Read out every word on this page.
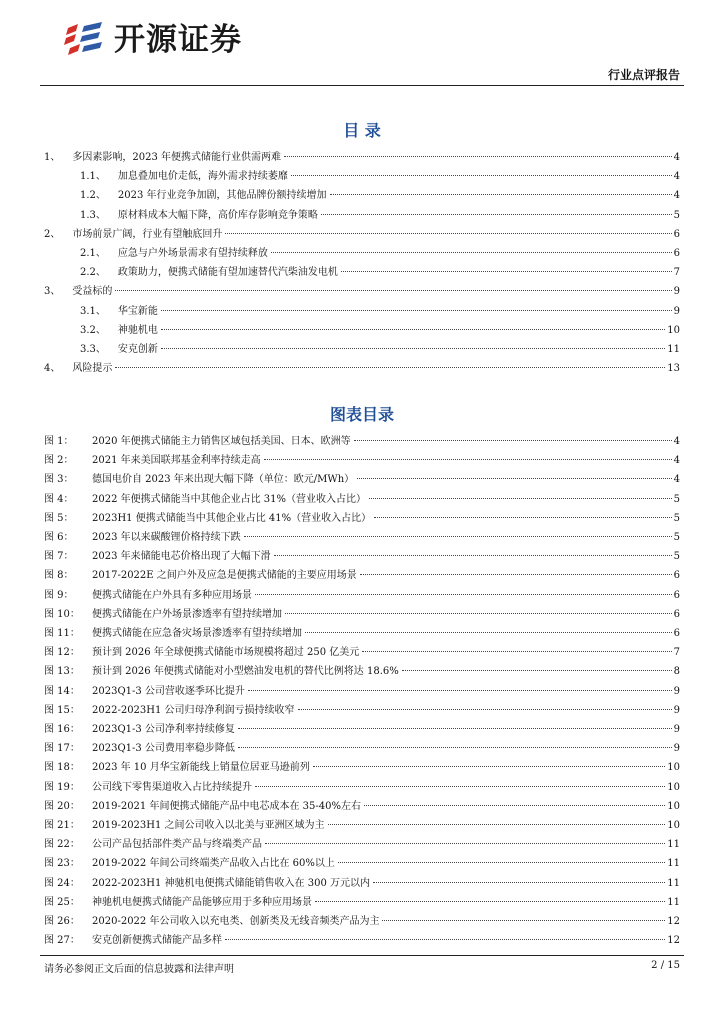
开源证券
行业点评报告
目 录
1、 多因素影响，2023 年便携式储能行业供需两难	4
1.1、 加息叠加电价走低，海外需求持续萎靡	4
1.2、 2023 年行业竞争加剧，其他品牌份额持续增加	4
1.3、 原材料成本大幅下降，高价库存影响竞争策略	5
2、 市场前景广阔，行业有望触底回升	6
2.1、 应急与户外场景需求有望持续释放	6
2.2、 政策助力，便携式储能有望加速替代汽柴油发电机	7
3、 受益标的	9
3.1、 华宝新能	9
3.2、 神驰机电	10
3.3、 安克创新	11
4、 风险提示	13
图表目录
图 1：	2020 年便携式储能主力销售区域包括美国、日本、欧洲等	4
图 2：	2021 年来美国联邦基金利率持续走高	4
图 3：	德国电价自 2023 年来出现大幅下降（单位：欧元/MWh）	4
图 4：	2022 年便携式储能当中其他企业占比 31%（营业收入占比）	5
图 5：	2023H1 便携式储能当中其他企业占比 41%（营业收入占比）	5
图 6：	2023 年以来碳酸锂价格持续下跌	5
图 7：	2023 年来储能电芯价格出现了大幅下滑	5
图 8：	2017-2022E 之间户外及应急是便携式储能的主要应用场景	6
图 9：	便携式储能在户外具有多种应用场景	6
图 10：	便携式储能在户外场景渗透率有望持续增加	6
图 11：	便携式储能在应急备灾场景渗透率有望持续增加	6
图 12：	预计到 2026 年全球便携式储能市场规模将超过 250 亿美元	7
图 13：	预计到 2026 年便携式储能对小型燃油发电机的替代比例将达 18.6%	8
图 14：	2023Q1-3 公司营收逐季环比提升	9
图 15：	2022-2023H1 公司归母净利润亏损持续收窄	9
图 16：	2023Q1-3 公司净利率持续修复	9
图 17：	2023Q1-3 公司费用率稳步降低	9
图 18：	2023 年 10 月华宝新能线上销量位居亚马逊前列	10
图 19：	公司线下零售渠道收入占比持续提升	10
图 20：	2019-2021 年间便携式储能产品中电芯成本在 35-40%左右	10
图 21：	2019-2023H1 之间公司收入以北美与亚洲区域为主	10
图 22：	公司产品包括部件类产品与终端类产品	11
图 23：	2019-2022 年间公司终端类产品收入占比在 60%以上	11
图 24：	2022-2023H1 神驰机电便携式储能销售收入在 300 万元以内	11
图 25：	神驰机电便携式储能产品能够应用于多种应用场景	11
图 26：	2020-2022 年公司收入以充电类、创新类及无线音频类产品为主	12
图 27：	安克创新便携式储能产品多样	12
请务必参阅正文后面的信息披露和法律声明	2 / 15
